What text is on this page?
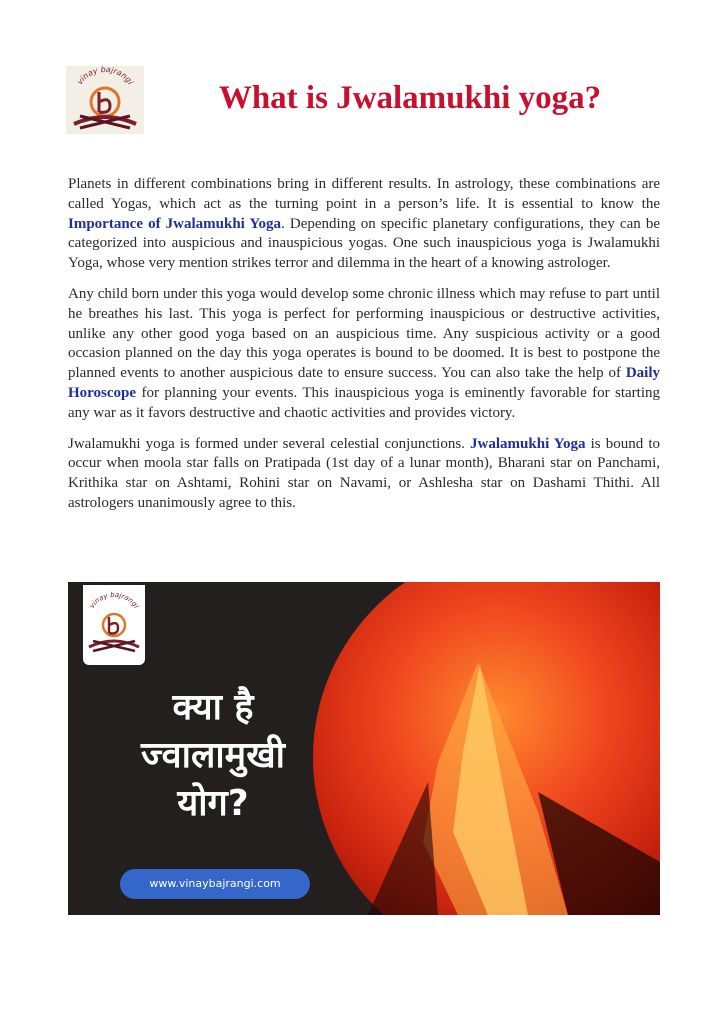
vinay bajrangi	What is Jwalamukhi yoga?

Planets in different combinations bring in different results. In astrology, these combinations are called Yogas, which act as the turning point in a person’s life. It is essential to know the Importance of Jwalamukhi Yoga. Depending on specific planetary configurations, they can be categorized into auspicious and inauspicious yogas. One such inauspicious yoga is Jwalamukhi Yoga, whose very mention strikes terror and dilemma in the heart of a knowing astrologer.

Any child born under this yoga would develop some chronic illness which may refuse to part until he breathes his last. This yoga is perfect for performing inauspicious or destructive activities, unlike any other good yoga based on an auspicious time. Any suspicious activity or a good occasion planned on the day this yoga operates is bound to be doomed. It is best to postpone the planned events to another auspicious date to ensure success. You can also take the help of Daily Horoscope for planning your events. This inauspicious yoga is eminently favorable for starting any war as it favors destructive and chaotic activities and provides victory.

Jwalamukhi yoga is formed under several celestial conjunctions. Jwalamukhi Yoga is bound to occur when moola star falls on Pratipada (1st day of a lunar month), Bharani star on Panchami, Krithika star on Ashtami, Rohini star on Navami, or Ashlesha star on Dashami Thithi. All astrologers unanimously agree to this.

vinay bajrangi
क्या है
ज्वालामुखी
योग?
www.vinaybajrangi.com
